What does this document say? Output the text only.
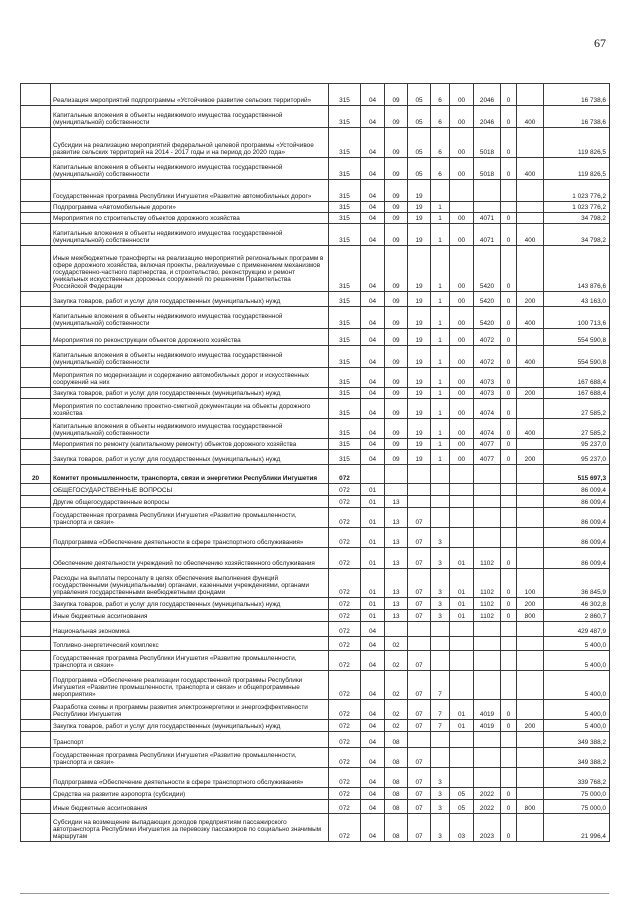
67
	Реализация мероприятий подпрограммы «Устойчивое развитие сельских территорий»	315	04	09	05	6	00	2046	0		16 738,6
	Капитальные вложения в объекты недвижимого имущества государственной (муниципальной) собственности	315	04	09	05	6	00	2046	0	400	16 738,6
	Субсидии на реализацию мероприятий федеральной целевой программы «Устойчивое развитие сельских территорий на 2014 - 2017 годы и на период до 2020 года»	315	04	09	05	6	00	5018	0		119 826,5
	Капитальные вложения в объекты недвижимого имущества государственной (муниципальной) собственности	315	04	09	05	6	00	5018	0	400	119 826,5
	Государственная программа Республики Ингушетия «Развитие автомобильных дорог»	315	04	09	19						1 023 776,2
	Подпрограмма «Автомобильные дороги»	315	04	09	19	1					1 023 776,2
	Мероприятия по строительству объектов дорожного хозяйства	315	04	09	19	1	00	4071	0		34 798,2
	Капитальные вложения в объекты недвижимого имущества государственной (муниципальной) собственности	315	04	09	19	1	00	4071	0	400	34 798,2
	Иные межбюджетные трансферты на реализацию мероприятий региональных программ в сфере дорожного хозяйства, включая проекты, реализуемые с применением механизмов государственно-частного партнерства, и строительство, реконструкцию и ремонт уникальных искусственных дорожных сооружений по решениям Правительства Российской Федерации	315	04	09	19	1	00	5420	0		143 876,6
	Закупка товаров, работ и услуг для государственных (муниципальных) нужд	315	04	09	19	1	00	5420	0	200	43 163,0
	Капитальные вложения в объекты недвижимого имущества государственной (муниципальной) собственности	315	04	09	19	1	00	5420	0	400	100 713,6
	Мероприятия по реконструкции объектов дорожного хозяйства	315	04	09	19	1	00	4072	0		554 590,8
	Капитальные вложения в объекты недвижимого имущества государственной (муниципальной) собственности	315	04	09	19	1	00	4072	0	400	554 590,8
	Мероприятия по модернизации и содержанию автомобильных дорог и искусственных сооружений на них	315	04	09	19	1	00	4073	0		167 688,4
	Закупка товаров, работ и услуг для государственных (муниципальных) нужд	315	04	09	19	1	00	4073	0	200	167 688,4
	Мероприятия по составлению проектно-сметной документации на объекты дорожного хозяйства	315	04	09	19	1	00	4074	0		27 585,2
	Капитальные вложения в объекты недвижимого имущества государственной (муниципальной) собственности	315	04	09	19	1	00	4074	0	400	27 585,2
	Мероприятия по ремонту (капитальному ремонту) объектов дорожного хозяйства	315	04	09	19	1	00	4077	0		95 237,0
	Закупка товаров, работ и услуг для государственных (муниципальных) нужд	315	04	09	19	1	00	4077	0	200	95 237,0
20	Комитет промышленности, транспорта, связи и энергетики Республики Ингушетия	072									515 697,3
	ОБЩЕГОСУДАРСТВЕННЫЕ ВОПРОСЫ	072	01								86 009,4
	Другие общегосударственные вопросы	072	01	13							86 009,4
	Государственная программа Республики Ингушетия «Развитие промышленности, транспорта и связи»	072	01	13	07						86 009,4
	Подпрограмма «Обеспечение деятельности в сфере транспортного обслуживания»	072	01	13	07	3					86 009,4
	Обеспечение деятельности учреждений по обеспечению хозяйственного обслуживания	072	01	13	07	3	01	1102	0		86 009,4
	Расходы на выплаты персоналу в целях обеспечения выполнения функций государственными (муниципальными) органами, казенными учреждениями, органами управления государственными внебюджетными фондами	072	01	13	07	3	01	1102	0	100	36 845,9
	Закупка товаров, работ и услуг для государственных (муниципальных) нужд	072	01	13	07	3	01	1102	0	200	46 302,8
	Иные бюджетные ассигнования	072	01	13	07	3	01	1102	0	800	2 860,7
	Национальная экономика	072	04								429 487,9
	Топливно-энергетический комплекс	072	04	02							5 400,0
	Государственная программа Республики Ингушетия «Развитие промышленности, транспорта и связи»	072	04	02	07						5 400,0
	Подпрограмма «Обеспечение реализации государственной программы Республики Ингушетия «Развитие промышленности, транспорта и связи» и общепрограммные мероприятия»	072	04	02	07	7					5 400,0
	Разработка схемы и программы развития электроэнергетики и энергоэффективности Республики Ингушетия	072	04	02	07	7	01	4019	0		5 400,0
	Закупка товаров, работ и услуг для государственных (муниципальных) нужд	072	04	02	07	7	01	4019	0	200	5 400,0
	Транспорт	072	04	08							349 388,2
	Государственная программа Республики Ингушетия «Развитие промышленности, транспорта и связи»	072	04	08	07						349 388,2
	Подпрограмма «Обеспечение деятельности в сфере транспортного обслуживания»	072	04	08	07	3					339 768,2
	Средства на развитие аэропорта (субсидии)	072	04	08	07	3	05	2022	0		75 000,0
	Иные бюджетные ассигнования	072	04	08	07	3	05	2022	0	800	75 000,0
	Субсидии на возмещение выпадающих доходов предприятиям пассажирского автотранспорта Республики Ингушетия за перевозку пассажиров по социально значимым маршрутам	072	04	08	07	3	03	2023	0		21 996,4
